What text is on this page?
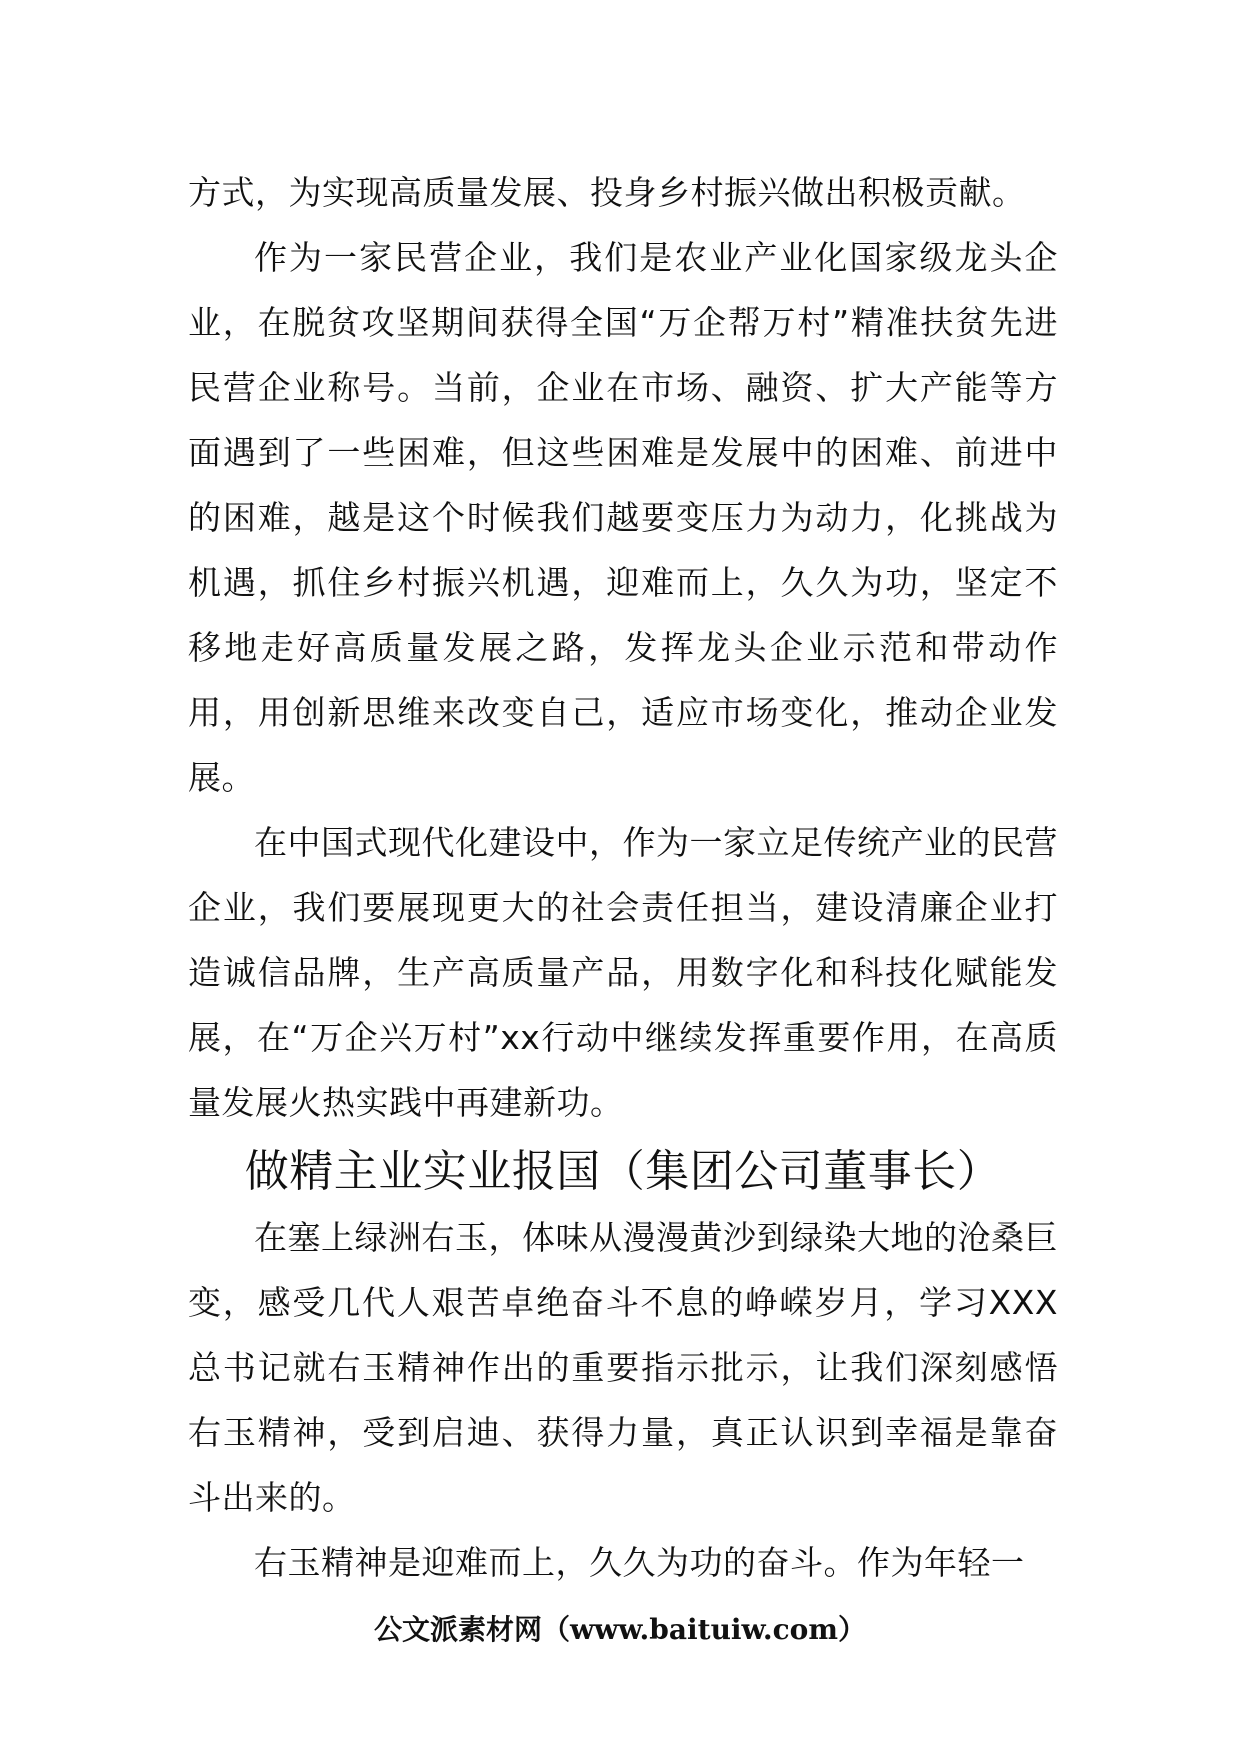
方式，为实现高质量发展、投身乡村振兴做出积极贡献。

作为一家民营企业，我们是农业产业化国家级龙头企业，在脱贫攻坚期间获得全国“万企帮万村”精准扶贫先进民营企业称号。当前，企业在市场、融资、扩大产能等方面遇到了一些困难，但这些困难是发展中的困难、前进中的困难，越是这个时候我们越要变压力为动力，化挑战为机遇，抓住乡村振兴机遇，迎难而上，久久为功，坚定不移地走好高质量发展之路，发挥龙头企业示范和带动作用，用创新思维来改变自己，适应市场变化，推动企业发展。

在中国式现代化建设中，作为一家立足传统产业的民营企业，我们要展现更大的社会责任担当，建设清廉企业打造诚信品牌，生产高质量产品，用数字化和科技化赋能发展，在“万企兴万村”xx行动中继续发挥重要作用，在高质量发展火热实践中再建新功。

做精主业实业报国（集团公司董事长）

在塞上绿洲右玉，体味从漫漫黄沙到绿染大地的沧桑巨变，感受几代人艰苦卓绝奋斗不息的峥嵘岁月，学习XXX总书记就右玉精神作出的重要指示批示，让我们深刻感悟右玉精神，受到启迪、获得力量，真正认识到幸福是靠奋斗出来的。

右玉精神是迎难而上，久久为功的奋斗。作为年轻一

公文派素材网（www.baituiw.com）
